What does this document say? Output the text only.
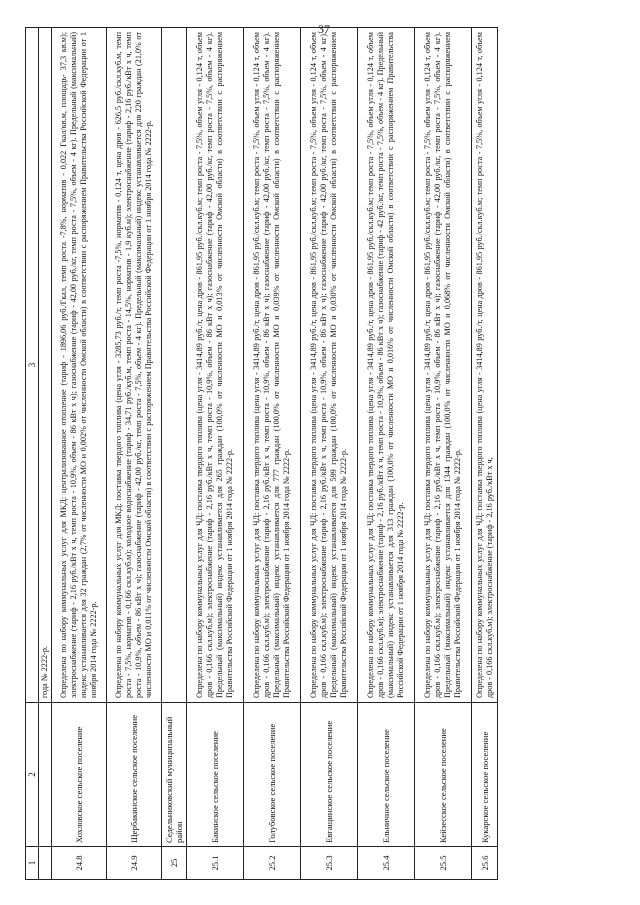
37
1	2	3
		года № 2222-р.
24.8	Хохловское сельское поселение	Определена по набору коммунальных услуг для МКД: централизованное отопление (тариф - 1896,06 руб./Гкал, темп роста -7,8%, норматив - 0,022 Гкал/кв.м, площадь- 37,3 кв.м); электроснабжение (тариф - 2,16 руб./кВт х ч, темп роста - 10,9%, объем - 86 кВт х ч); газоснабжение (тариф - 42,00 руб./кг, темп роста - 7,5%, объем - 4 кг). Предельный (максимальный) индекс устанавливается для 32 граждан (2,7% от численности МО и 0,002% от численности Омской области) в соответствии с распоряжением Правительства Российской Федерации от 1 ноября 2014 года № 2222-р.
24.9	Щербакинское сельское поселение	Определена по набору коммунальных услуг для МКД: поставка твердого топлива (цена угля - 3285,73 руб./т, темп роста -7,5%, норматив - 0,124 т, цена дров - 626,5 руб./скл.куб.м, темп роста - 7,5%, норматив - 0,166 скл.куб.м); холодное водоснабжение (тариф - 34,71 руб./куб.м, темп роста - 14,5%, норматив - 1,9 куб.м); электроснабжение (тариф - 2,16 руб./кВт х ч, темп роста - 10,9%, объем - 86 кВт х ч); газоснабжение (тариф - 42,00 руб./кг, темп роста - 7,5%, объем - 4 кг). Предельный (максимальный) индекс устанавливается для 220 граждан (21,0% от численности МО и 0,011% от численности Омской области) в соответствии с распоряжением Правительства Российской Федерации от 1 ноября 2014 года № 2222-р.
25	Седельниковский муниципальный район	
25.1	Бакинское сельское поселение	Определена по набору коммунальных услуг для ЧД: поставка твердого топлива (цена угля - 3414,89 руб./т, цена дров - 861,95 руб./скл.куб.м; темп роста - 7,5%, объем угля - 0,124 т, объем дров - 0,166 скл.куб.м); электроснабжение (тариф - 2,16 руб./кВт х ч, темп роста - 10,9%, объем - 86 кВт х ч); газоснабжение (тариф - 42,00 руб./кг, темп роста - 7,5%, объем - 4 кг). Предельный (максимальный) индекс устанавливается для 265 граждан (100,0% от численности МО и 0,013% от численности Омской области) в соответствии с распоряжением Правительства Российской Федерации от 1 ноября 2014 года № 2222-р.
25.2	Голубовское сельское поселение	Определена по набору коммунальных услуг для ЧД: поставка твердого топлива (цена угля - 3414,89 руб./т, цена дров - 861,95 руб./скл.куб.м; темп роста - 7,5%, объем угля - 0,124 т, объем дров - 0,166 скл.куб.м); электроснабжение (тариф - 2,16 руб./кВт х ч, темп роста - 10,9%, объем - 86 кВт х ч); газоснабжение (тариф - 42,00 руб./кг, темп роста - 7,5%, объем - 4 кг). Предельный (максимальный) индекс устанавливается для 777 граждан (100,0% от численности МО и 0,039% от численности Омской области) в соответствии с распоряжением Правительства Российской Федерации от 1 ноября 2014 года № 2222-р.
25.3	Евгащинское сельское поселение	Определена по набору коммунальных услуг для ЧД: поставка твердого топлива (цена угля - 3414,89 руб./т, цена дров - 861,95 руб./скл.куб.м; темп роста - 7,5%, объем угля - 0,124 т, объем дров - 0,166 скл.куб.м); электроснабжение (тариф - 2,16 руб./кВт х ч, темп роста - 10,9%, объем - 86 кВт х ч); газоснабжение (тариф - 42,00 руб./кг, темп роста - 7,5%, объем - 4 кг). Предельный (максимальный) индекс устанавливается для 599 граждан (100,0% от численности МО и 0,030% от численности Омской области) в соответствии с распоряжением Правительства Российской Федерации от 1 ноября 2014 года № 2222-р.
25.4	Ельничное сельское поселение	Определена по набору коммунальных услуг для ЧД: поставка твердого топлива (цена угля - 3414,89 руб./т, цена дров - 861,95 руб./скл.куб.м; темп роста - 7,5%, объем угля - 0,124 т, объем дров - 0,166 скл.куб.м); электроснабжение (тариф - 2,16 руб./кВт х ч, темп роста - 10,9%, объем - 86 кВт х ч); газоснабжение (тариф - 42 руб./кг, темп роста - 7,5%, объем - 4 кг). Предельный (максимальный) индекс устанавливается для 313 граждан (100,0% от численности МО и 0,016% от численности Омской области) в соответствии с распоряжением Правительства Российской Федерации от 1 ноября 2014 года № 2222-р.
25.5	Кейзесское сельское поселение	Определена по набору коммунальных услуг для ЧД: поставка твердого топлива (цена угля - 3414,89 руб./т, цена дров - 861,95 руб./скл.куб.м; темп роста - 7,5%, объем угля - 0,124 т, объем дров - 0,166 скл.куб.м); электроснабжение (тариф - 2,16 руб./кВт х ч, темп роста - 10,9%, объем - 86 кВт х ч); газоснабжение (тариф - 42,00 руб./кг, темп роста - 7,5%, объем - 4 кг). Предельный (максимальный) индекс устанавливается для 1344 граждан (100,0% от численности МО и 0,068% от численности Омской области) в соответствии с распоряжением Правительства Российской Федерации от 1 ноября 2014 года № 2222-р.
25.6	Кукарское сельское поселение	Определена по набору коммунальных услуг для ЧД: поставка твердого топлива (цена угля - 3414,89 руб./т, цена дров - 861,95 руб./скл.куб.м; темп роста - 7,5%, объем угля - 0,124 т, объем дров - 0,166 скл.куб.м); электроснабжение (тариф - 2,16 руб./кВт х ч,
